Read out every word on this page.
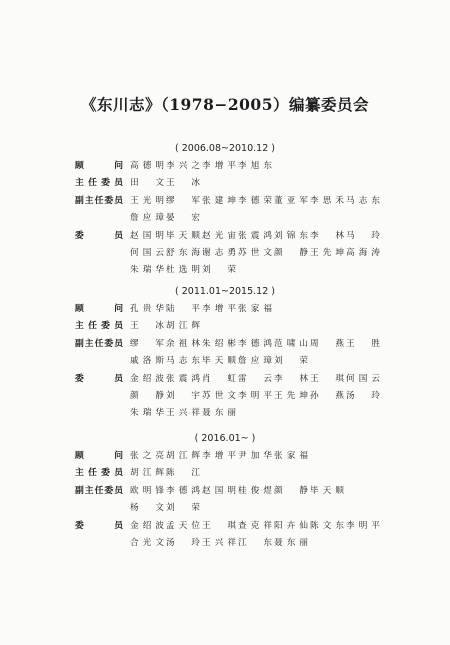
《东川志》（1978−2005）编纂委员会
( 2006.08~2010.12 )
顾问 高德明 李兴之 李增平 李旭东
主任委员 田文 王冰
副主任委员 王光明 缪军 张建坤 李德荣 董亚军 李思禾 马志东
詹应璋 晏宏
委员 赵国明 毕天顺 赵光宙 张震鸿 刘锦东 李林 马玲
何国云 舒东海 谢志勇 苏世文 颜静 王先坤 高海涛
朱瑞华 杜选明 刘荣
( 2011.01~2015.12 )
顾问 孔贵华 陆平 李增平 张家福
主任委员 王冰 胡江辉
副主任委员 缪军 余祖林 朱绍彬 李德鸿 范啸山 周燕 王胜
戚洛斯 马志东 毕天顺 詹应璋 刘荣
委员 金绍波 张震鸿 肖虹 雷云 李林 王琪 何国云
颜静 刘宇 苏世文 李明平 王先坤 孙燕 汤玲
朱瑞华 王兴祥 聂东丽
( 2016.01~ )
顾问 张之亮 胡江辉 李增平 尹加华 张家福
主任委员 胡江辉 陈江
副主任委员 欧明锋 李德鸿 赵国明 桂俊煜 颜静 毕天顺
杨文 刘荣
委员 金绍波 孟天位 王琪 查克祥 阳卉仙 陈文东 李明平
合光文 汤玲 王兴祥 江东 聂东丽
